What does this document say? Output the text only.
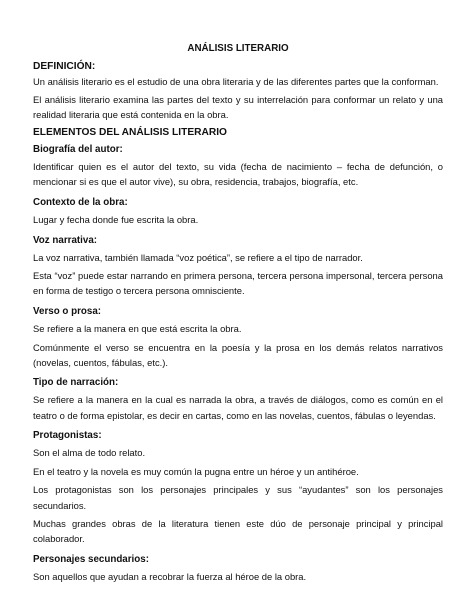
ANÁLISIS LITERARIO
DEFINICIÓN:

Un análisis literario es el estudio de una obra literaria y de las diferentes partes que la conforman.

El análisis literario examina las partes del texto y su interrelación para conformar un relato y una realidad literaria que está contenida en la obra.

ELEMENTOS DEL ANÁLISIS LITERARIO
Biografía del autor:

Identificar quien es el autor del texto, su vida (fecha de nacimiento – fecha de defunción, o mencionar si es que el autor vive), su obra, residencia, trabajos, biografía, etc.

Contexto de la obra:

Lugar y fecha donde fue escrita la obra.

Voz narrativa:

La voz narrativa, también llamada “voz poética”, se refiere a el tipo de narrador.

Esta “voz” puede estar narrando en primera persona, tercera persona impersonal, tercera persona en forma de testigo o tercera persona omnisciente.

Verso o prosa:

Se refiere a la manera en que está escrita la obra.

Comúnmente el verso se encuentra en la poesía y la prosa en los demás relatos narrativos (novelas, cuentos, fábulas, etc.).

Tipo de narración:

Se refiere a la manera en la cual es narrada la obra, a través de diálogos, como es común en el teatro o de forma epistolar, es decir en cartas, como en las novelas, cuentos, fábulas o leyendas.

Protagonistas:

Son el alma de todo relato.

En el teatro y la novela es muy común la pugna entre un héroe y un antihéroe.

Los protagonistas son los personajes principales y sus “ayudantes” son los personajes secundarios.

Muchas grandes obras de la literatura tienen este dúo de personaje principal y principal colaborador.

Personajes secundarios:

Son aquellos que ayudan a recobrar la fuerza al héroe de la obra.
